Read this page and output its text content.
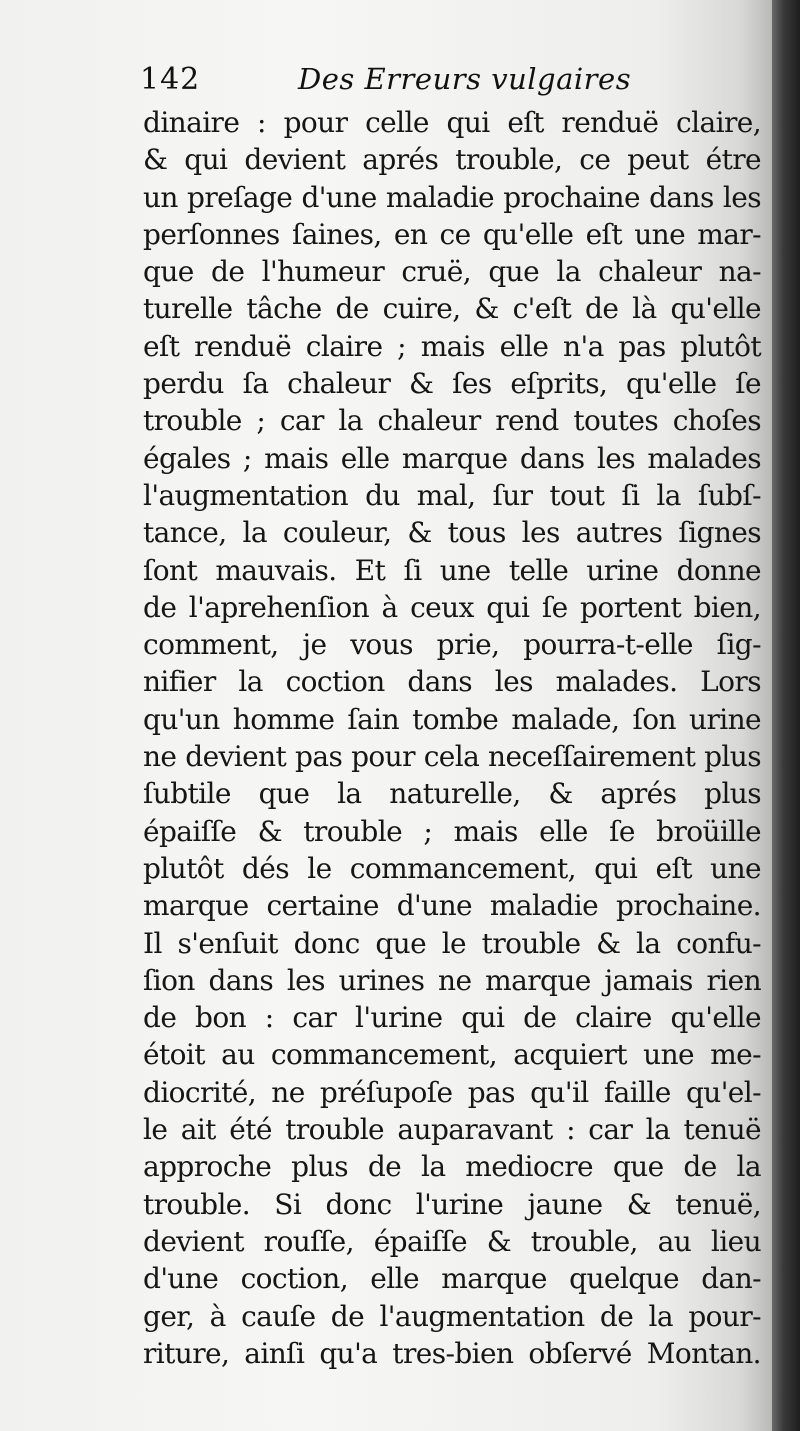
142	Des Erreurs vulgaires
dinaire : pour celle qui eſt renduë claire,
& qui devient aprés trouble, ce peut étre
un preſage d'une maladie prochaine dans les
perſonnes ſaines, en ce qu'elle eſt une mar-
que de l'humeur cruë, que la chaleur na-
turelle tâche de cuire, & c'eſt de là qu'elle
eſt renduë claire ; mais elle n'a pas plutôt
perdu ſa chaleur & ſes eſprits, qu'elle ſe
trouble ; car la chaleur rend toutes choſes
égales ; mais elle marque dans les malades
l'augmentation du mal, ſur tout ſi la ſubſ-
tance, la couleur, & tous les autres ſignes
ſont mauvais. Et ſi une telle urine donne
de l'aprehenſion à ceux qui ſe portent bien,
comment, je vous prie, pourra-t-elle ſig-
nifier la coction dans les malades. Lors
qu'un homme ſain tombe malade, ſon urine
ne devient pas pour cela neceſſairement plus
ſubtile que la naturelle, & aprés plus
épaiſſe & trouble ; mais elle ſe broüille
plutôt dés le commancement, qui eſt une
marque certaine d'une maladie prochaine.
Il s'enſuit donc que le trouble & la confu-
ſion dans les urines ne marque jamais rien
de bon : car l'urine qui de claire qu'elle
étoit au commancement, acquiert une me-
diocrité, ne préſupoſe pas qu'il faille qu'el-
le ait été trouble auparavant : car la tenuë
approche plus de la mediocre que de la
trouble. Si donc l'urine jaune & tenuë,
devient rouſſe, épaiſſe & trouble, au lieu
d'une coction, elle marque quelque dan-
ger, à cauſe de l'augmentation de la pour-
riture, ainſi qu'a tres-bien obſervé Montan.
